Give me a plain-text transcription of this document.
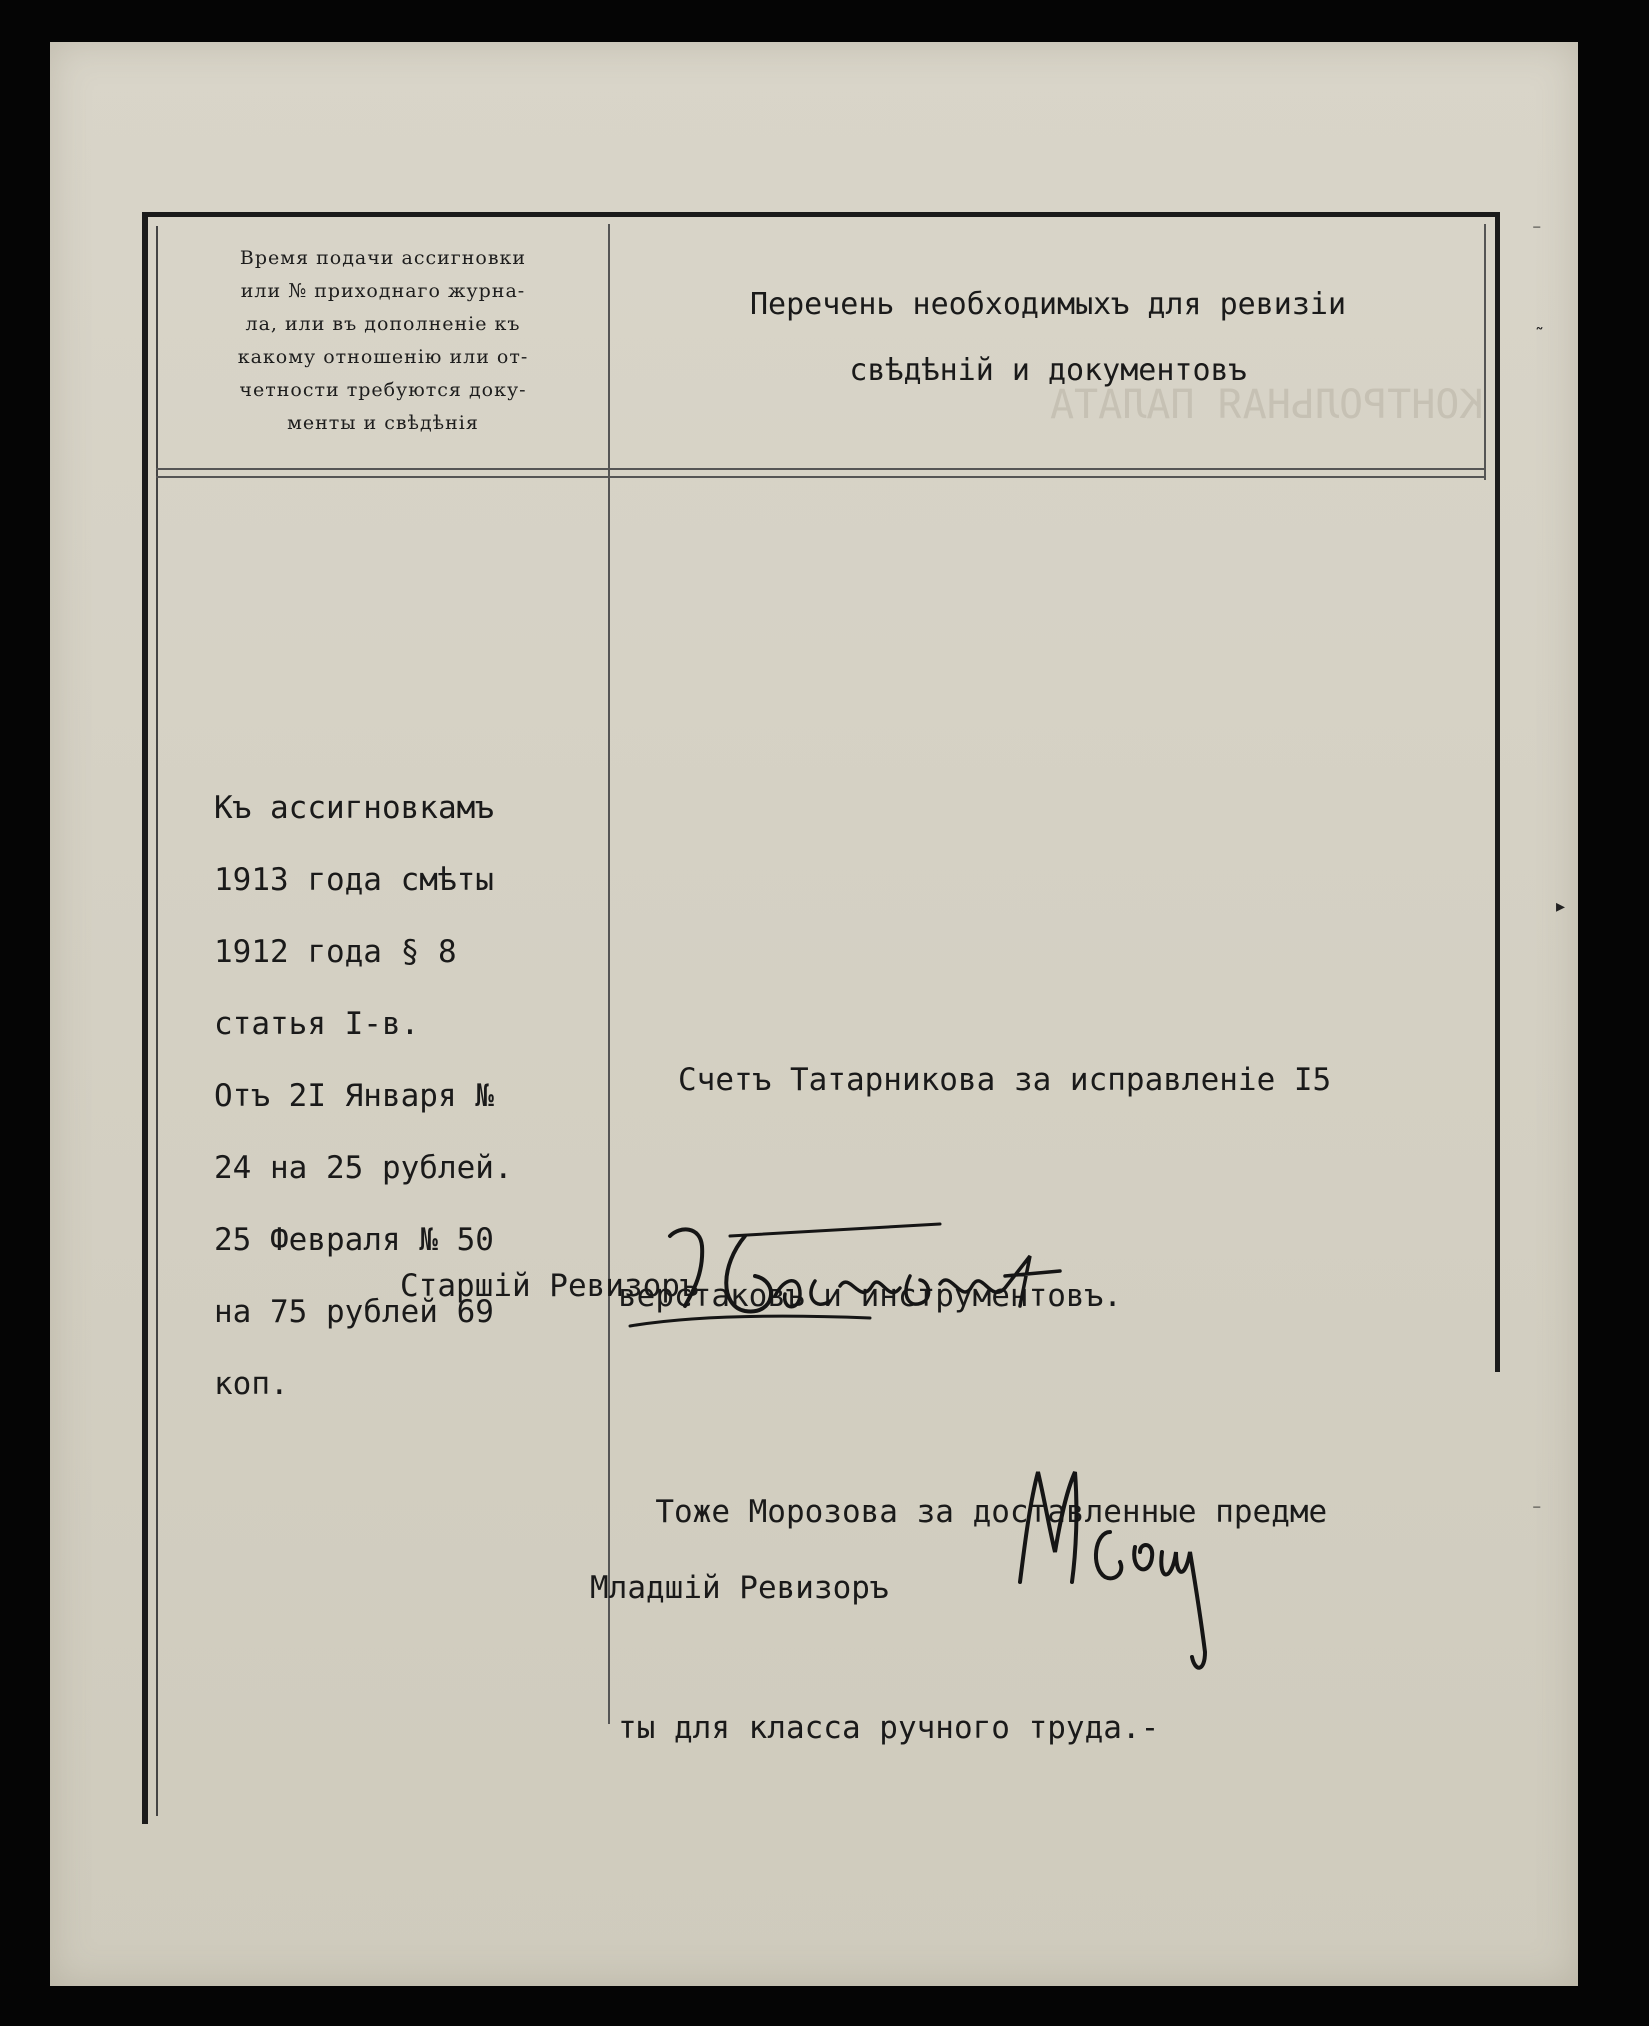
КОНТРОЛЬНАЯ ПАЛАТА
Время подачи ассигновки
или № приходнаго журна-
ла, или въ дополненіе къ
какому отношенію или от-
четности требуются доку-
менты и свѣдѣнія
Перечень необходимыхъ для ревизіи
свѣдѣній и документовъ
Къ ассигновкамъ
1913 года смѣты
1912 года § 8
статья I-в.
Отъ 2I Января №
24 на 25 рублей.
25 Февраля № 50
на 75 рублей 69
коп.

Счетъ Татарникова за исправленіе I5

верстаковъ и инструментовъ.

Тоже Морозова за доставленные предме

ты для класса ручного труда.-

Старшій Ревизоръ
Младшій Ревизоръ
⁻
˜
▸
⁻
